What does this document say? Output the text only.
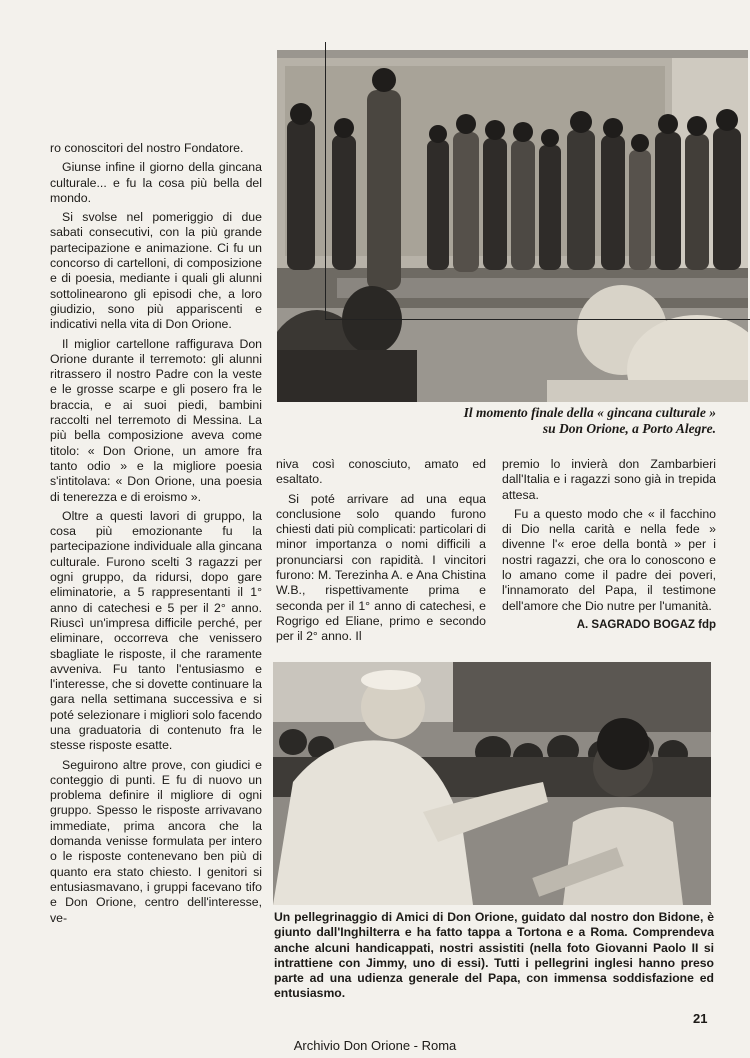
Il momento finale della « gincana culturale »
su Don Orione, a Porto Alegre.

ro conoscitori del nostro Fondatore.

Giunse infine il giorno della gincana culturale... e fu la cosa più bella del mondo.

Si svolse nel pomeriggio di due sabati consecutivi, con la più grande partecipazione e animazione. Ci fu un concorso di cartelloni, di composizione e di poesia, mediante i quali gli alunni sottolinearono gli episodi che, a loro giudizio, sono più appariscenti e indicativi nella vita di Don Orione.

Il miglior cartellone raffigurava Don Orione durante il terremoto: gli alunni ritrassero il nostro Padre con la veste e le grosse scarpe e gli posero fra le braccia, e ai suoi piedi, bambini raccolti nel terremoto di Messina. La più bella composizione aveva come titolo: « Don Orione, un amore fra tanto odio » e la migliore poesia s'intitolava: « Don Orione, una poesia di tenerezza e di eroismo ».

Oltre a questi lavori di gruppo, la cosa più emozionante fu la partecipazione individuale alla gincana culturale. Furono scelti 3 ragazzi per ogni gruppo, da ridursi, dopo gare eliminatorie, a 5 rappresentanti il 1° anno di catechesi e 5 per il 2° anno. Riuscì un'impresa difficile perché, per eliminare, occorreva che venissero sbagliate le risposte, il che raramente avveniva. Fu tanto l'entusiasmo e l'interesse, che si dovette continuare la gara nella settimana successiva e si poté selezionare i migliori solo facendo una graduatoria di contenuto fra le stesse risposte esatte.

Seguirono altre prove, con giudici e conteggio di punti. E fu di nuovo un problema definire il migliore di ogni gruppo. Spesso le risposte arrivavano immediate, prima ancora che la domanda venisse formulata per intero o le risposte contenevano ben più di quanto era stato chiesto. I genitori si entusiasmavano, i gruppi facevano tifo e Don Orione, centro dell'interesse, ve-

niva così conosciuto, amato ed esaltato.

Si poté arrivare ad una equa conclusione solo quando furono chiesti dati più complicati: particolari di minor importanza o nomi difficili a pronunciarsi con rapidità. I vincitori furono: M. Terezinha A. e Ana Chistina W.B., rispettivamente prima e seconda per il 1° anno di catechesi, e Rogrigo ed Eliane, primo e secondo per il 2° anno. Il

premio lo invierà don Zambarbieri dall'Italia e i ragazzi sono già in trepida attesa.

Fu a questo modo che « il facchino di Dio nella carità e nella fede » divenne l'« eroe della bontà » per i nostri ragazzi, che ora lo conoscono e lo amano come il padre dei poveri, l'innamorato del Papa, il testimone dell'amore che Dio nutre per l'umanità.

A. SAGRADO BOGAZ fdp

Un pellegrinaggio di Amici di Don Orione, guidato dal nostro don Bidone, è giunto dall'Inghilterra e ha fatto tappa a Tortona e a Roma. Comprendeva anche alcuni handicappati, nostri assistiti (nella foto Giovanni Paolo II si intrattiene con Jimmy, uno di essi). Tutti i pellegrini inglesi hanno preso parte ad una udienza generale del Papa, con immensa soddisfazione ed entusiasmo.
21
Archivio Don Orione - Roma
